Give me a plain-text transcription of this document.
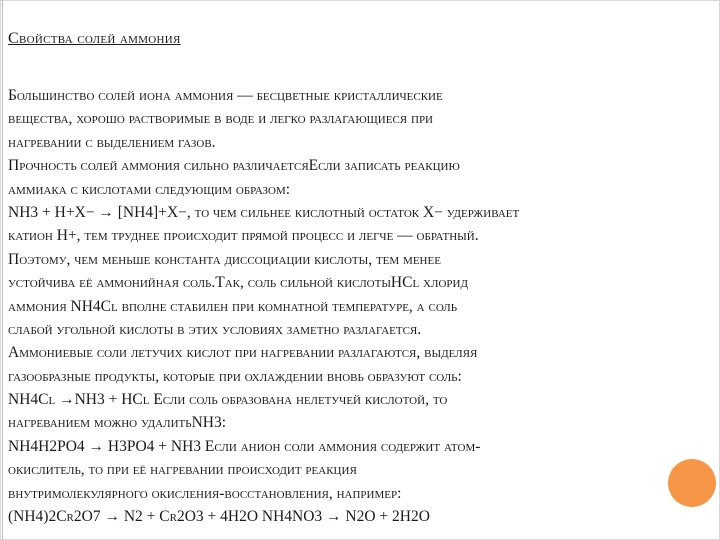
Свойства солей аммония
Большинство солей иона аммония — бесцветные кристаллические
вещества, хорошо растворимые в воде и легко разлагающиеся при
нагревании с выделением газов.
Прочность солей аммония сильно различаетсяЕсли записать реакцию
аммиака с кислотами следующим образом:
NH3 + H+X− → [NH4]+X−, то чем сильнее кислотный остаток X− удерживает
катион H+, тем труднее происходит прямой процесс и легче — обратный.
Поэтому, чем меньше константа диссоциации кислоты, тем менее
устойчива её аммонийная соль.Так, соль сильной кислотыHCl хлорид
аммония NH4Cl вполне стабилен при комнатной температуре, а соль
слабой угольной кислоты в этих условиях заметно разлагается.
Аммониевые соли летучих кислот при нагревании разлагаются, выделяя
газообразные продукты, которые при охлаждении вновь образуют соль:
NH4Cl →NH3 + HCl Если соль образована нелетучей кислотой, то
нагреванием можно удалитьNH3:
NH4H2PO4 → H3PO4 + NH3 Если анион соли аммония содержит атом-
окислитель, то при её нагревании происходит реакция
внутримолекулярного окисления-восстановления, например:
(NH4)2Cr2O7 → N2 + Cr2O3 + 4H2O NH4NO3 → N2O + 2H2O
